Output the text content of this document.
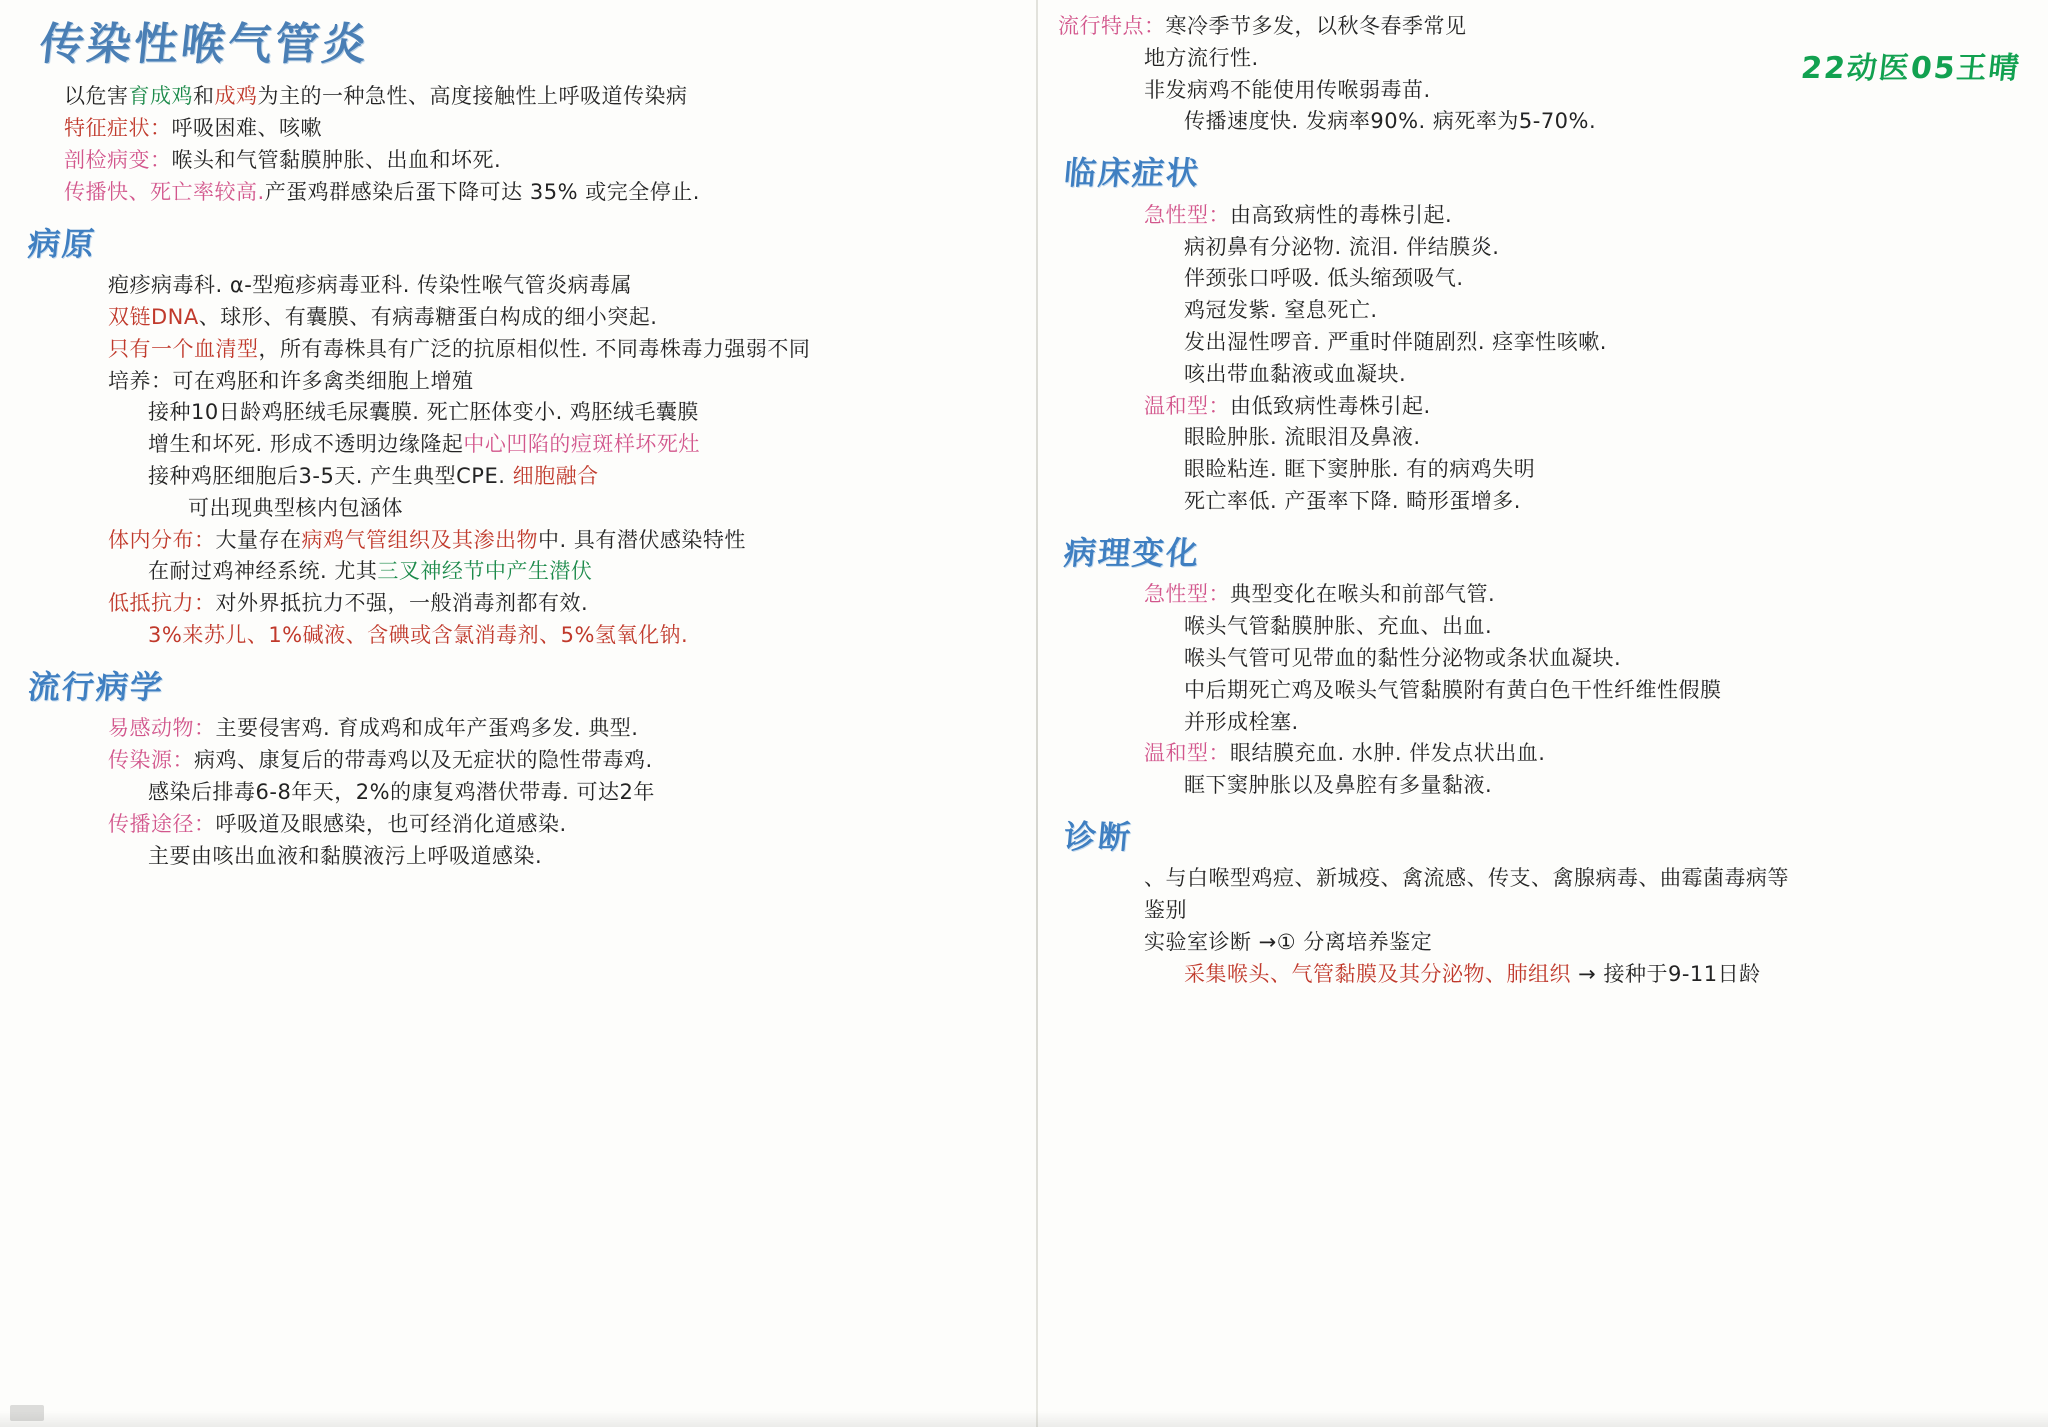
传染性喉气管炎
以危害育成鸡和成鸡为主的一种急性、高度接触性上呼吸道传染病
特征症状：呼吸困难、咳嗽
剖检病变：喉头和气管黏膜肿胀、出血和坏死.
传播快、死亡率较高.产蛋鸡群感染后蛋下降可达 35% 或完全停止.
病原
疱疹病毒科. α-型疱疹病毒亚科. 传染性喉气管炎病毒属
双链DNA、球形、有囊膜、有病毒糖蛋白构成的细小突起.
只有一个血清型，所有毒株具有广泛的抗原相似性. 不同毒株毒力强弱不同
培养：可在鸡胚和许多禽类细胞上增殖
接种10日龄鸡胚绒毛尿囊膜. 死亡胚体变小. 鸡胚绒毛囊膜
增生和坏死. 形成不透明边缘隆起中心凹陷的痘斑样坏死灶
接种鸡胚细胞后3-5天. 产生典型CPE. 细胞融合
可出现典型核内包涵体
体内分布：大量存在病鸡气管组织及其渗出物中. 具有潜伏感染特性
在耐过鸡神经系统. 尤其三叉神经节中产生潜伏
低抵抗力：对外界抵抗力不强，一般消毒剂都有效.
3%来苏儿、1%碱液、含碘或含氯消毒剂、5%氢氧化钠.
流行病学
易感动物：主要侵害鸡. 育成鸡和成年产蛋鸡多发. 典型.
传染源：病鸡、康复后的带毒鸡以及无症状的隐性带毒鸡.
感染后排毒6-8年天，2%的康复鸡潜伏带毒. 可达2年
传播途径：呼吸道及眼感染，也可经消化道感染.
主要由咳出血液和黏膜液污上呼吸道感染.
22动医05王晴
流行特点：寒冷季节多发，以秋冬春季常见
地方流行性.
非发病鸡不能使用传喉弱毒苗.
传播速度快. 发病率90%. 病死率为5-70%.
临床症状
急性型：由高致病性的毒株引起.
病初鼻有分泌物. 流泪. 伴结膜炎.
伴颈张口呼吸. 低头缩颈吸气.
鸡冠发紫. 窒息死亡.
发出湿性啰音. 严重时伴随剧烈. 痉挛性咳嗽.
咳出带血黏液或血凝块.
温和型：由低致病性毒株引起.
眼睑肿胀. 流眼泪及鼻液.
眼睑粘连. 眶下窦肿胀. 有的病鸡失明
死亡率低. 产蛋率下降. 畸形蛋增多.
病理变化
急性型：典型变化在喉头和前部气管.
喉头气管黏膜肿胀、充血、出血.
喉头气管可见带血的黏性分泌物或条状血凝块.
中后期死亡鸡及喉头气管黏膜附有黄白色干性纤维性假膜
并形成栓塞.
温和型：眼结膜充血. 水肿. 伴发点状出血.
眶下窦肿胀以及鼻腔有多量黏液.
诊断
、与白喉型鸡痘、新城疫、禽流感、传支、禽腺病毒、曲霉菌毒病等
鉴别
实验室诊断 →① 分离培养鉴定
采集喉头、气管黏膜及其分泌物、肺组织 → 接种于9-11日龄
